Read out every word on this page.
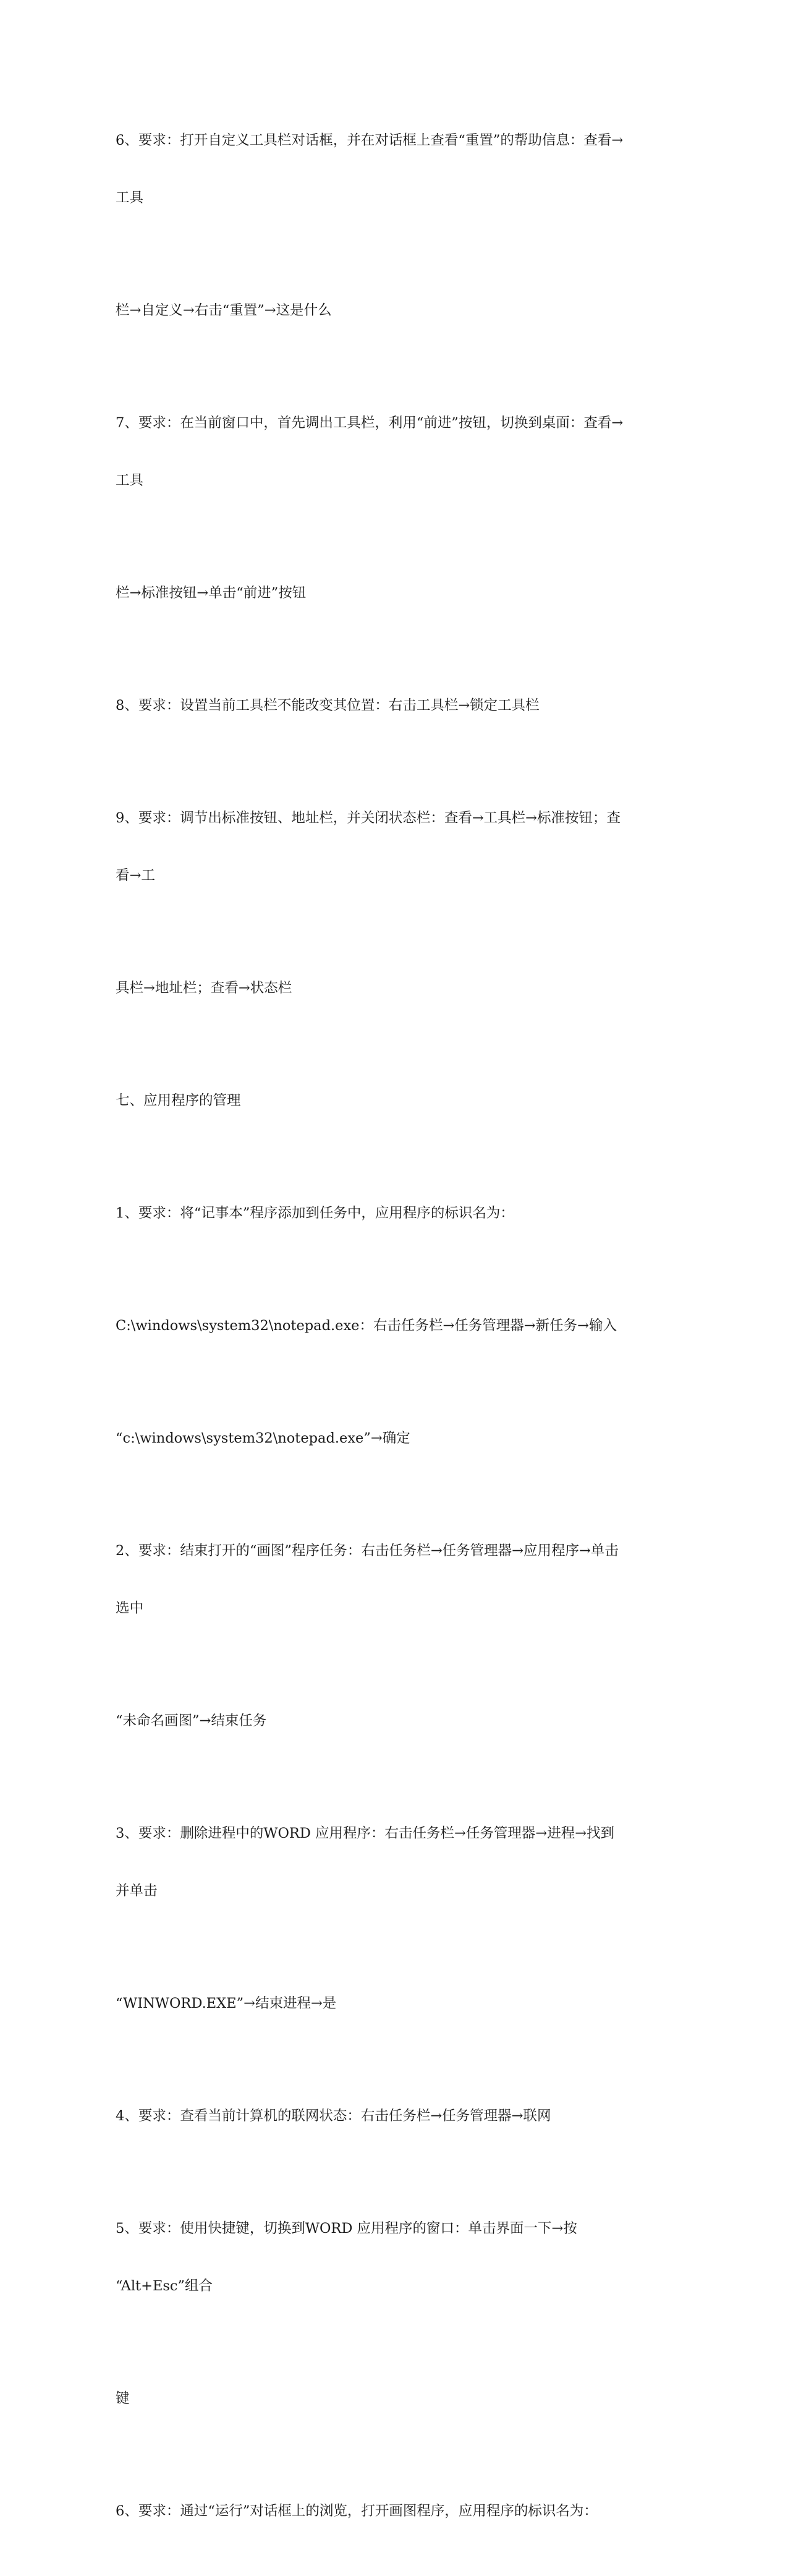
6、要求：打开自定义工具栏对话框，并在对话框上查看“重置”的帮助信息：查看→

工具

栏→自定义→右击“重置”→这是什么

7、要求：在当前窗口中，首先调出工具栏，利用“前进”按钮，切换到桌面：查看→

工具

栏→标准按钮→单击“前进”按钮

8、要求：设置当前工具栏不能改变其位置：右击工具栏→锁定工具栏

9、要求：调节出标准按钮、地址栏，并关闭状态栏：查看→工具栏→标准按钮；查

看→工

具栏→地址栏；查看→状态栏

七、应用程序的管理

1、要求：将“记事本”程序添加到任务中，应用程序的标识名为：

C:\windows\system32\notepad.exe：右击任务栏→任务管理器→新任务→输入

“c:\windows\system32\notepad.exe”→确定

2、要求：结束打开的“画图”程序任务：右击任务栏→任务管理器→应用程序→单击

选中

“未命名画图”→结束任务

3、要求：删除进程中的WORD 应用程序：右击任务栏→任务管理器→进程→找到

并单击

“WINWORD.EXE”→结束进程→是

4、要求：查看当前计算机的联网状态：右击任务栏→任务管理器→联网

5、要求：使用快捷键，切换到WORD 应用程序的窗口：单击界面一下→按

“Alt+Esc”组合

键

6、要求：通过“运行”对话框上的浏览，打开画图程序，应用程序的标识名为：
